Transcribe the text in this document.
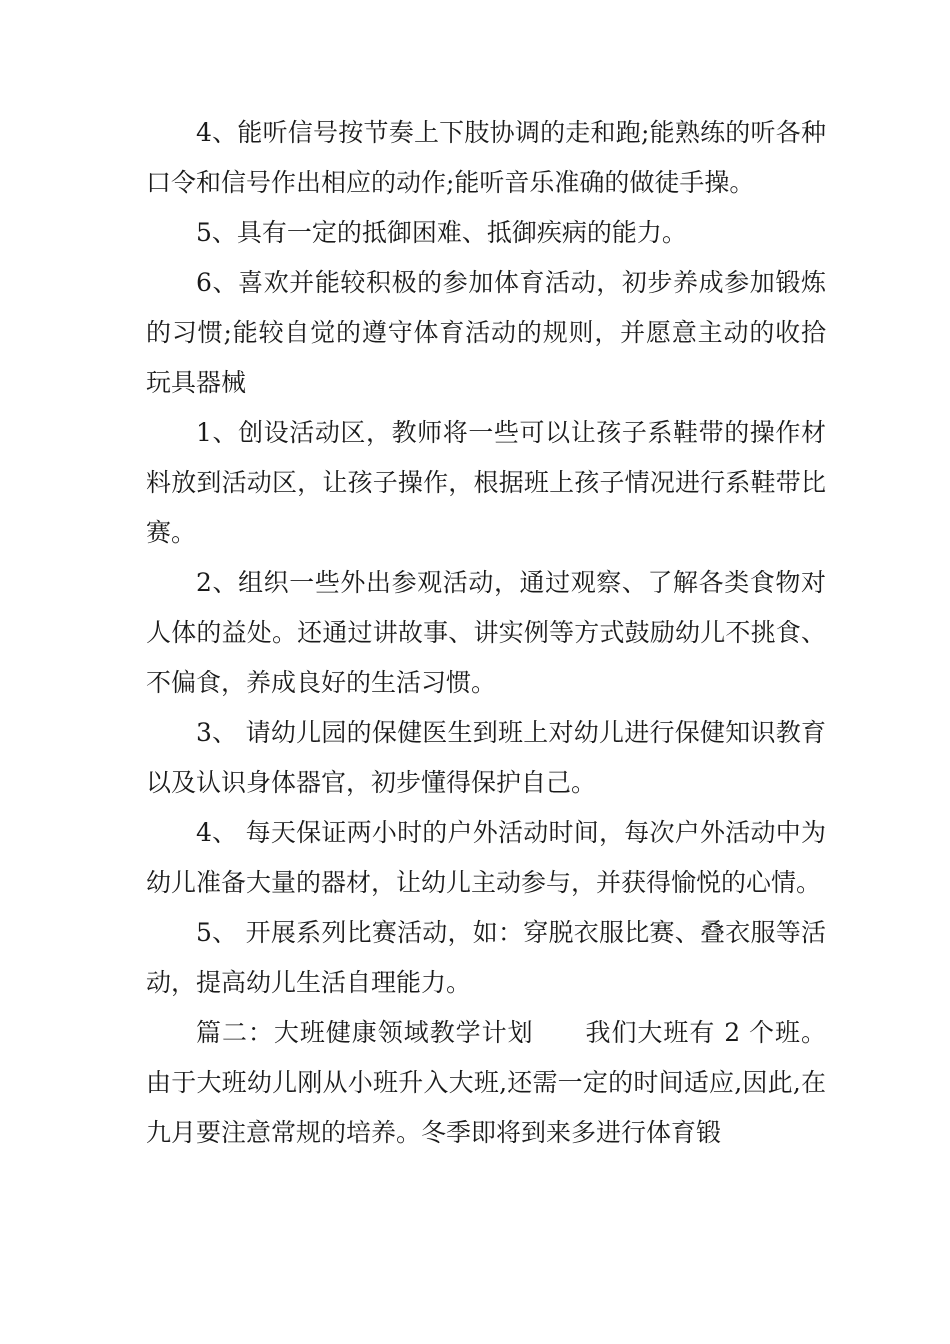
4、能听信号按节奏上下肢协调的走和跑;能熟练的听各种口令和信号作出相应的动作;能听音乐准确的做徒手操。

5、具有一定的抵御困难、抵御疾病的能力。

6、喜欢并能较积极的参加体育活动，初步养成参加锻炼的习惯;能较自觉的遵守体育活动的规则，并愿意主动的收拾玩具器械

1、创设活动区，教师将一些可以让孩子系鞋带的操作材料放到活动区，让孩子操作，根据班上孩子情况进行系鞋带比赛。

2、组织一些外出参观活动，通过观察、了解各类食物对人体的益处。还通过讲故事、讲实例等方式鼓励幼儿不挑食、不偏食，养成良好的生活习惯。

3、 请幼儿园的保健医生到班上对幼儿进行保健知识教育以及认识身体器官，初步懂得保护自己。

4、 每天保证两小时的户外活动时间，每次户外活动中为幼儿准备大量的器材，让幼儿主动参与，并获得愉悦的心情。

5、 开展系列比赛活动，如：穿脱衣服比赛、叠衣服等活动，提高幼儿生活自理能力。

篇二：大班健康领域教学计划　　我们大班有 2 个班。由于大班幼儿刚从小班升入大班,还需一定的时间适应,因此,在九月要注意常规的培养。冬季即将到来多进行体育锻
